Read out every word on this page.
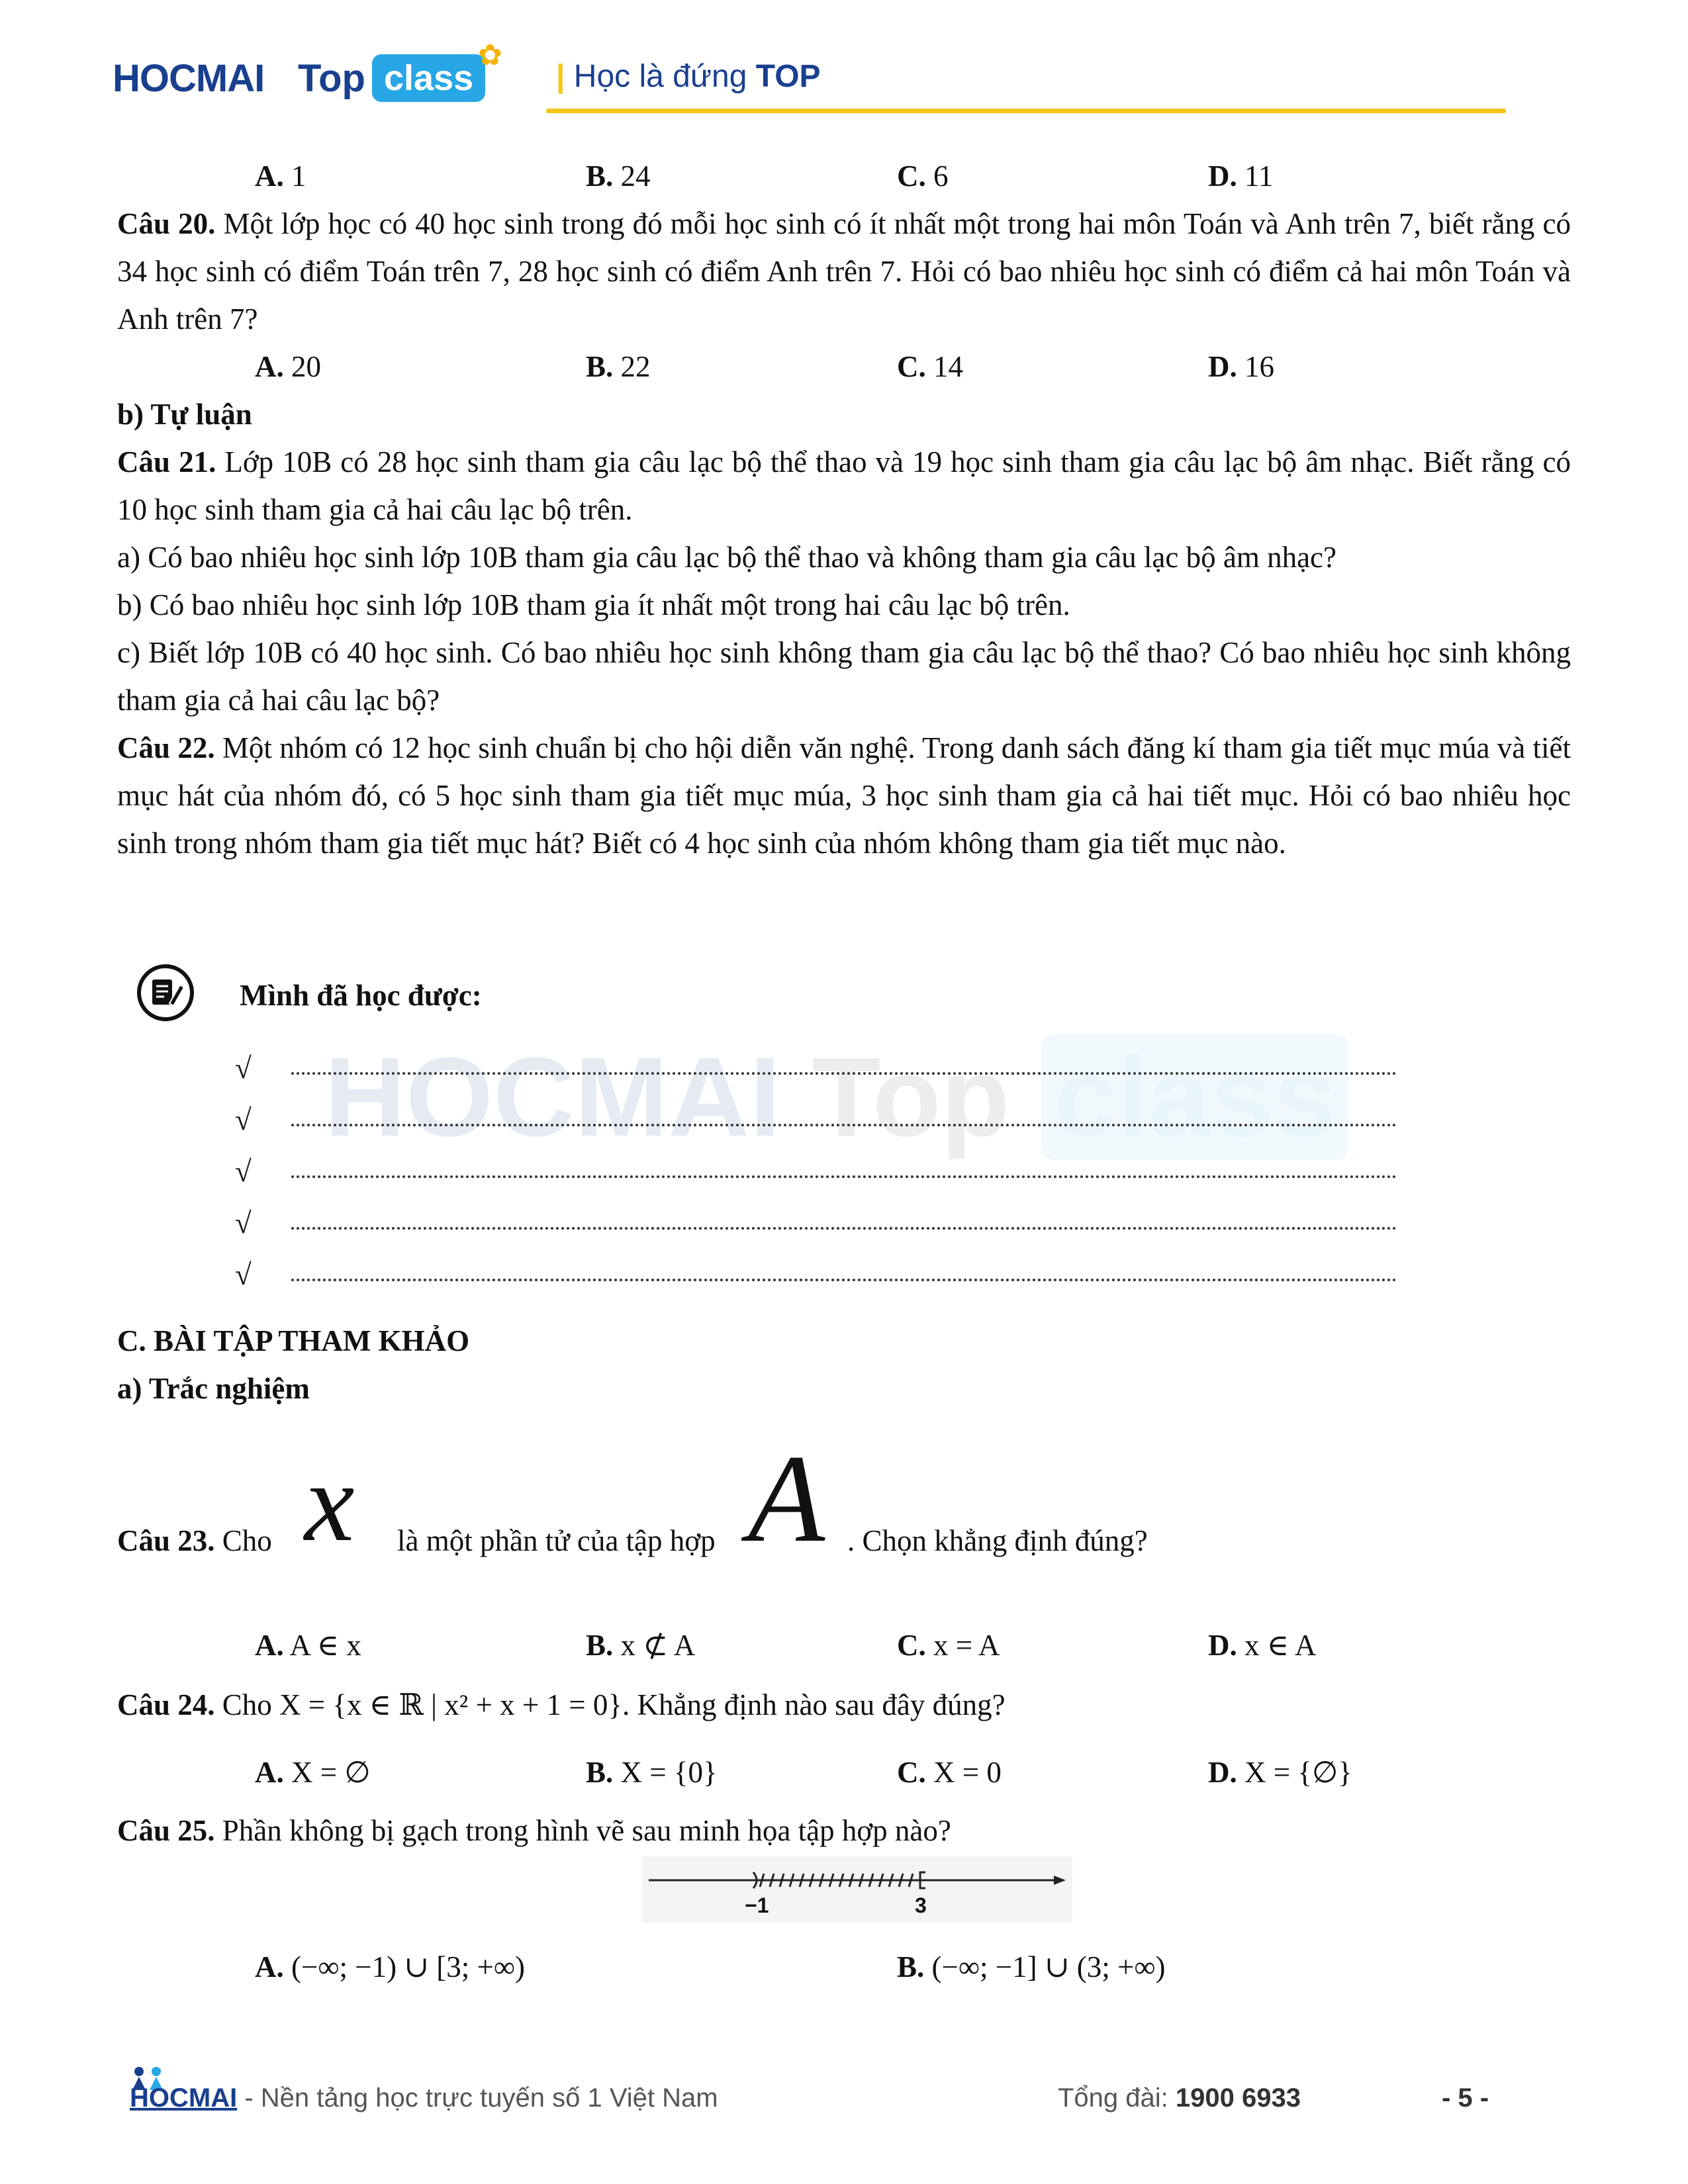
HOCMAI Top class
✿
| Học là đứng TOP
A. 1	B. 24	C. 6	D. 11
Câu 20. Một lớp học có 40 học sinh trong đó mỗi học sinh có ít nhất một trong hai môn Toán và Anh trên 7, biết rằng có 34 học sinh có điểm Toán trên 7, 28 học sinh có điểm Anh trên 7. Hỏi có bao nhiêu học sinh có điểm cả hai môn Toán và Anh trên 7?
A. 20	B. 22	C. 14	D. 16
b) Tự luận
Câu 21. Lớp 10B có 28 học sinh tham gia câu lạc bộ thể thao và 19 học sinh tham gia câu lạc bộ âm nhạc. Biết rằng có 10 học sinh tham gia cả hai câu lạc bộ trên.
a) Có bao nhiêu học sinh lớp 10B tham gia câu lạc bộ thể thao và không tham gia câu lạc bộ âm nhạc?
b) Có bao nhiêu học sinh lớp 10B tham gia ít nhất một trong hai câu lạc bộ trên.
c) Biết lớp 10B có 40 học sinh. Có bao nhiêu học sinh không tham gia câu lạc bộ thể thao? Có bao nhiêu học sinh không tham gia cả hai câu lạc bộ?
Câu 22. Một nhóm có 12 học sinh chuẩn bị cho hội diễn văn nghệ. Trong danh sách đăng kí tham gia tiết mục múa và tiết mục hát của nhóm đó, có 5 học sinh tham gia tiết mục múa, 3 học sinh tham gia cả hai tiết mục. Hỏi có bao nhiêu học sinh trong nhóm tham gia tiết mục hát? Biết có 4 học sinh của nhóm không tham gia tiết mục nào.
HOCMAI Top class
Mình đã học được:
√
√
√
√
√
C. BÀI TẬP THAM KHẢO
a) Trắc nghiệm
Câu 23. Cho x là một phần tử của tập hợp A . Chọn khẳng định đúng?
A. A ∈ x	B. x ⊄ A	C. x = A	D. x ∈ A
Câu 24. Cho X = {x ∈ ℝ | x² + x + 1 = 0}. Khẳng định nào sau đây đúng?
A. X = ∅	B. X = {0}	C. X = 0	D. X = {∅}
Câu 25. Phần không bị gạch trong hình vẽ sau minh họa tập hợp nào?
−1	3
A. (−∞; −1) ∪ [3; +∞)	B. (−∞; −1] ∪ (3; +∞)
HOCMAI - Nền tảng học trực tuyến số 1 Việt Nam	Tổng đài: 1900 6933	- 5 -
